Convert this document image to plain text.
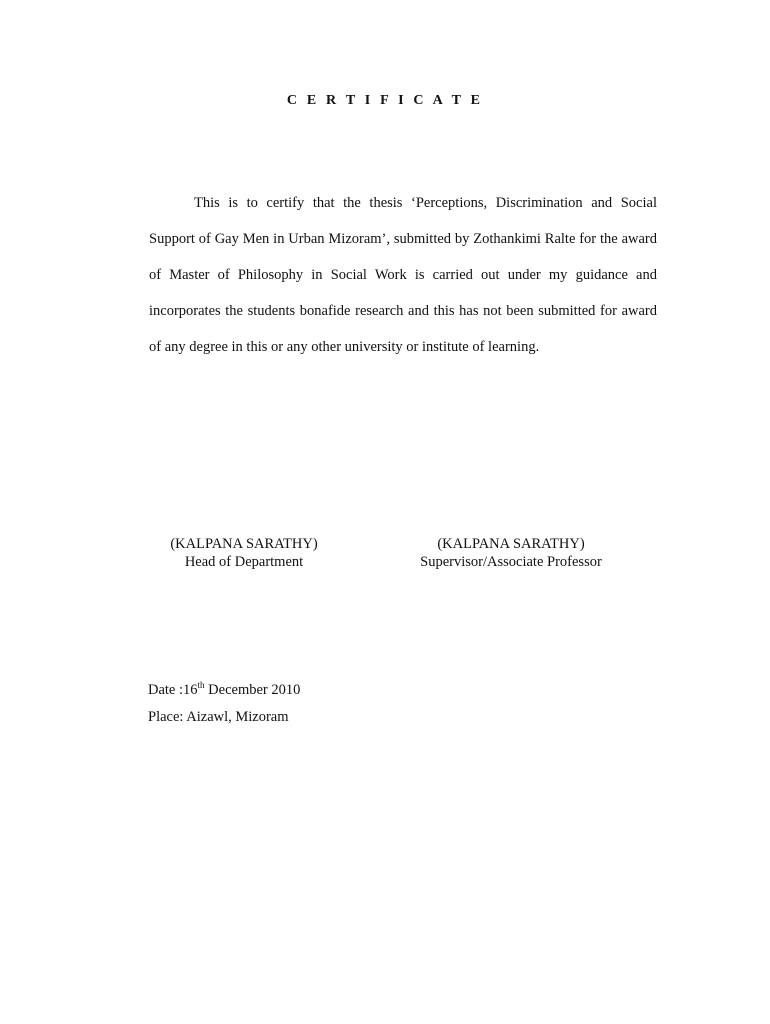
C E R T I F I C A T E

This is to certify that the thesis ‘Perceptions, Discrimination and Social Support of Gay Men in Urban Mizoram’, submitted by Zothankimi Ralte for the award of Master of Philosophy in Social Work is carried out under my guidance and incorporates the students bonafide research and this has not been submitted for award of any degree in this or any other university or institute of learning.

(KALPANA SARATHY)
Head of Department
(KALPANA SARATHY)
Supervisor/Associate Professor
Date :16th December 2010
Place: Aizawl, Mizoram
